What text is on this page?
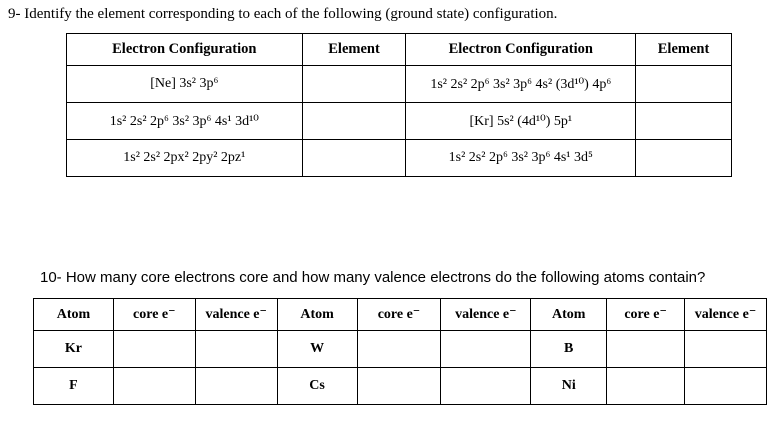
9- Identify the element corresponding to each of the following (ground state) configuration.
Electron Configuration	Element	Electron Configuration	Element
[Ne] 3s² 3p⁶		1s² 2s² 2p⁶ 3s² 3p⁶ 4s² (3d¹⁰) 4p⁶	
1s² 2s² 2p⁶ 3s² 3p⁶ 4s¹ 3d¹⁰		[Kr] 5s² (4d¹⁰) 5p¹	
1s² 2s² 2px² 2py² 2pz¹		1s² 2s² 2p⁶ 3s² 3p⁶ 4s¹ 3d⁵	
10- How many core electrons core and how many valence electrons do the following atoms contain?
Atom	core e⁻	valence e⁻	Atom	core e⁻	valence e⁻	Atom	core e⁻	valence e⁻
Kr			W			B		
F			Cs			Ni		
